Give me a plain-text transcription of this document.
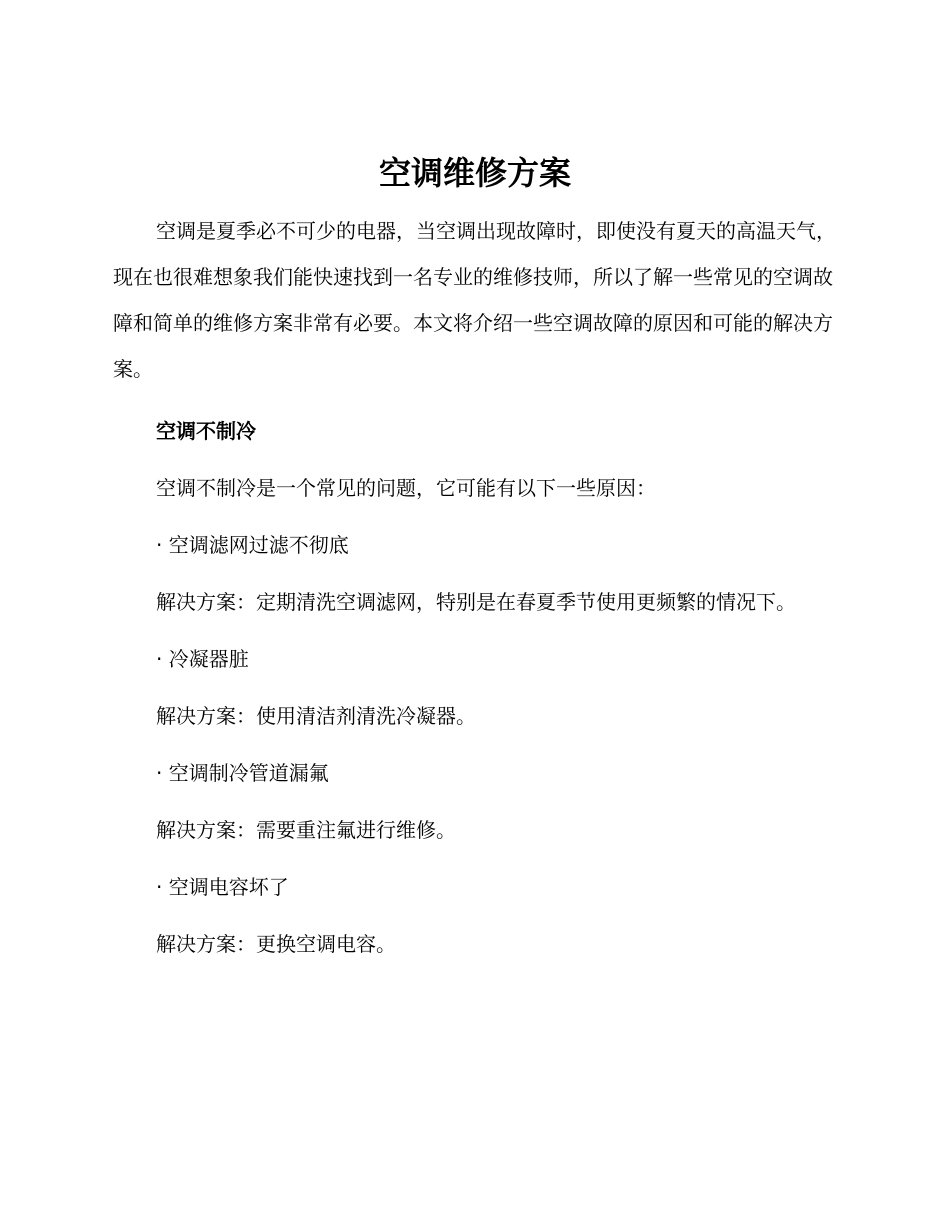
空调维修方案

空调是夏季必不可少的电器，当空调出现故障时，即使没有夏天的高温天气，现在也很难想象我们能快速找到一名专业的维修技师，所以了解一些常见的空调故障和简单的维修方案非常有必要。本文将介绍一些空调故障的原因和可能的解决方案。

空调不制冷

空调不制冷是一个常见的问题，它可能有以下一些原因：

· 空调滤网过滤不彻底

解决方案：定期清洗空调滤网，特别是在春夏季节使用更频繁的情况下。

· 冷凝器脏

解决方案：使用清洁剂清洗冷凝器。

· 空调制冷管道漏氟

解决方案：需要重注氟进行维修。

· 空调电容坏了

解决方案：更换空调电容。
